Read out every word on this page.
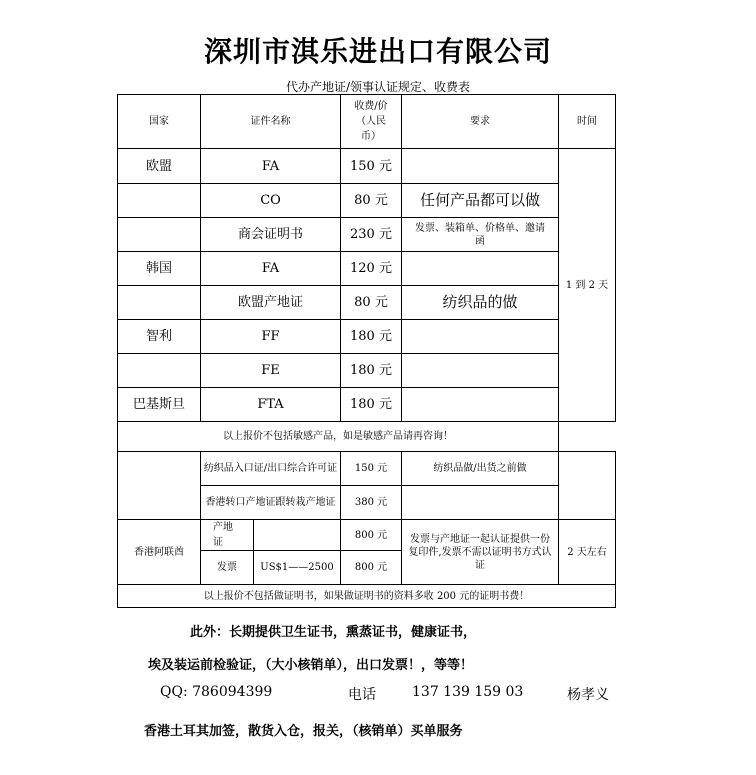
深圳市淇乐进出口有限公司
代办产地证/领事认证规定、收费表
国家	证件名称		收费/价（人民币）	要求	时间
欧盟	FA		150 元		1 到 2 天
	CO		80 元	任何产品都可以做	
	商会证明书		230 元	发票、装箱单、价格单、邀请函	
韩国	FA		120 元		
	欧盟产地证		80 元	纺织品的做	
智利	FF		180 元		
	FE		180 元		
巴基斯旦	FTA		180 元		
以上报价不包括敏感产品，如是敏感产品请再咨询！					
	纺织品入口证/出口综合许可证		150 元	纺织品做/出货之前做	
	香港转口产地证跟转栽产地证		380 元		
香港阿联酋	产地证		800 元	发票与产地证一起认证提供一份复印件,发票不需以证明书方式认证	2 天左右
	发票	US$1——2500	800 元		
以上报价不包括做证明书，如果做证明书的资料多收 200 元的证明书费！					
此外：长期提供卫生证书，熏蒸证书，健康证书，
埃及装运前检验证，（大小核销单），出口发票！，等等！
QQ: 786094399	电话	137 139 159 03	杨孝义
香港土耳其加签，散货入仓，报关，（核销单）买单服务
